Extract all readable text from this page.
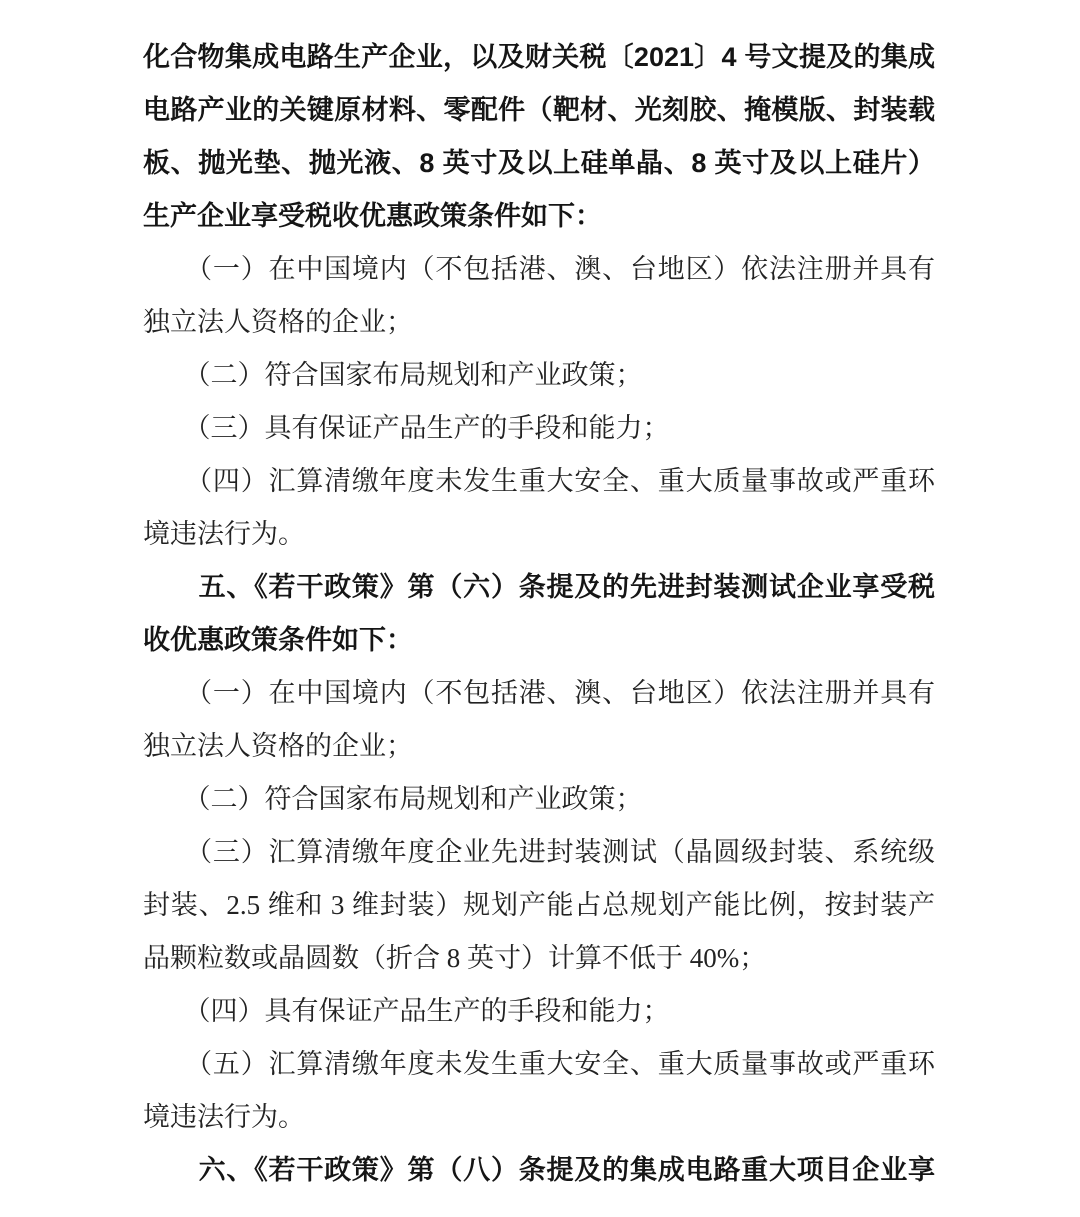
化合物集成电路生产企业，以及财关税〔2021〕4 号文提及的集成
电路产业的关键原材料、零配件（靶材、光刻胶、掩模版、封装载
板、抛光垫、抛光液、8 英寸及以上硅单晶、8 英寸及以上硅片）
生产企业享受税收优惠政策条件如下：
　　（一）在中国境内（不包括港、澳、台地区）依法注册并具有
独立法人资格的企业；
　　（二）符合国家布局规划和产业政策；
　　（三）具有保证产品生产的手段和能力；
　　（四）汇算清缴年度未发生重大安全、重大质量事故或严重环
境违法行为。
　　五、《若干政策》第（六）条提及的先进封装测试企业享受税
收优惠政策条件如下：
　　（一）在中国境内（不包括港、澳、台地区）依法注册并具有
独立法人资格的企业；
　　（二）符合国家布局规划和产业政策；
　　（三）汇算清缴年度企业先进封装测试（晶圆级封装、系统级
封装、2.5 维和 3 维封装）规划产能占总规划产能比例，按封装产
品颗粒数或晶圆数（折合 8 英寸）计算不低于 40%；
　　（四）具有保证产品生产的手段和能力；
　　（五）汇算清缴年度未发生重大安全、重大质量事故或严重环
境违法行为。
　　六、《若干政策》第（八）条提及的集成电路重大项目企业享
